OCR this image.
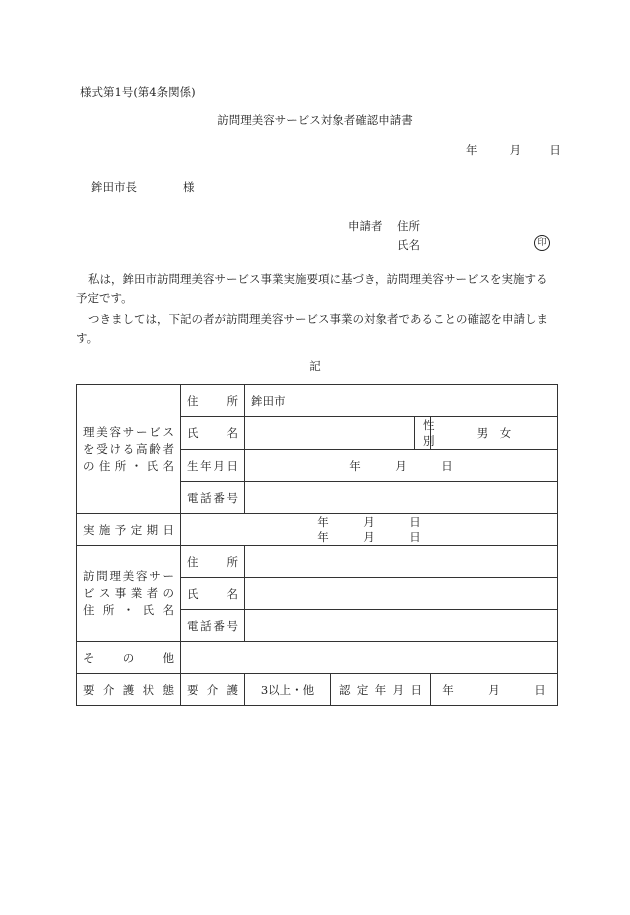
様式第1号(第4条関係)
訪問理美容サービス対象者確認申請書
年	月 日
鉾田市長	様
申請者 住所
氏名	印
私は，鉾田市訪問理美容サービス事業実施要項に基づき，訪問理美容サービスを実施する予定です。
つきましては，下記の者が訪問理美容サービス事業の対象者であることの確認を申請します。
記
理美容サービス
を受ける高齢者
の住所・氏名	住所	鉾田市			
	氏名			性別	男　女
	生年月日	年　　　月　　　日			
	電話番号				
実施予定期日	年　　　月　　　日
年　　　月　　　日				

訪問理美容サー
ビス事業者の
住所・氏名	住所				
	氏名				
	電話番号				
その他					
要介護状態	要介護	3以上・他	認定年月日		年　　　月　　　日
